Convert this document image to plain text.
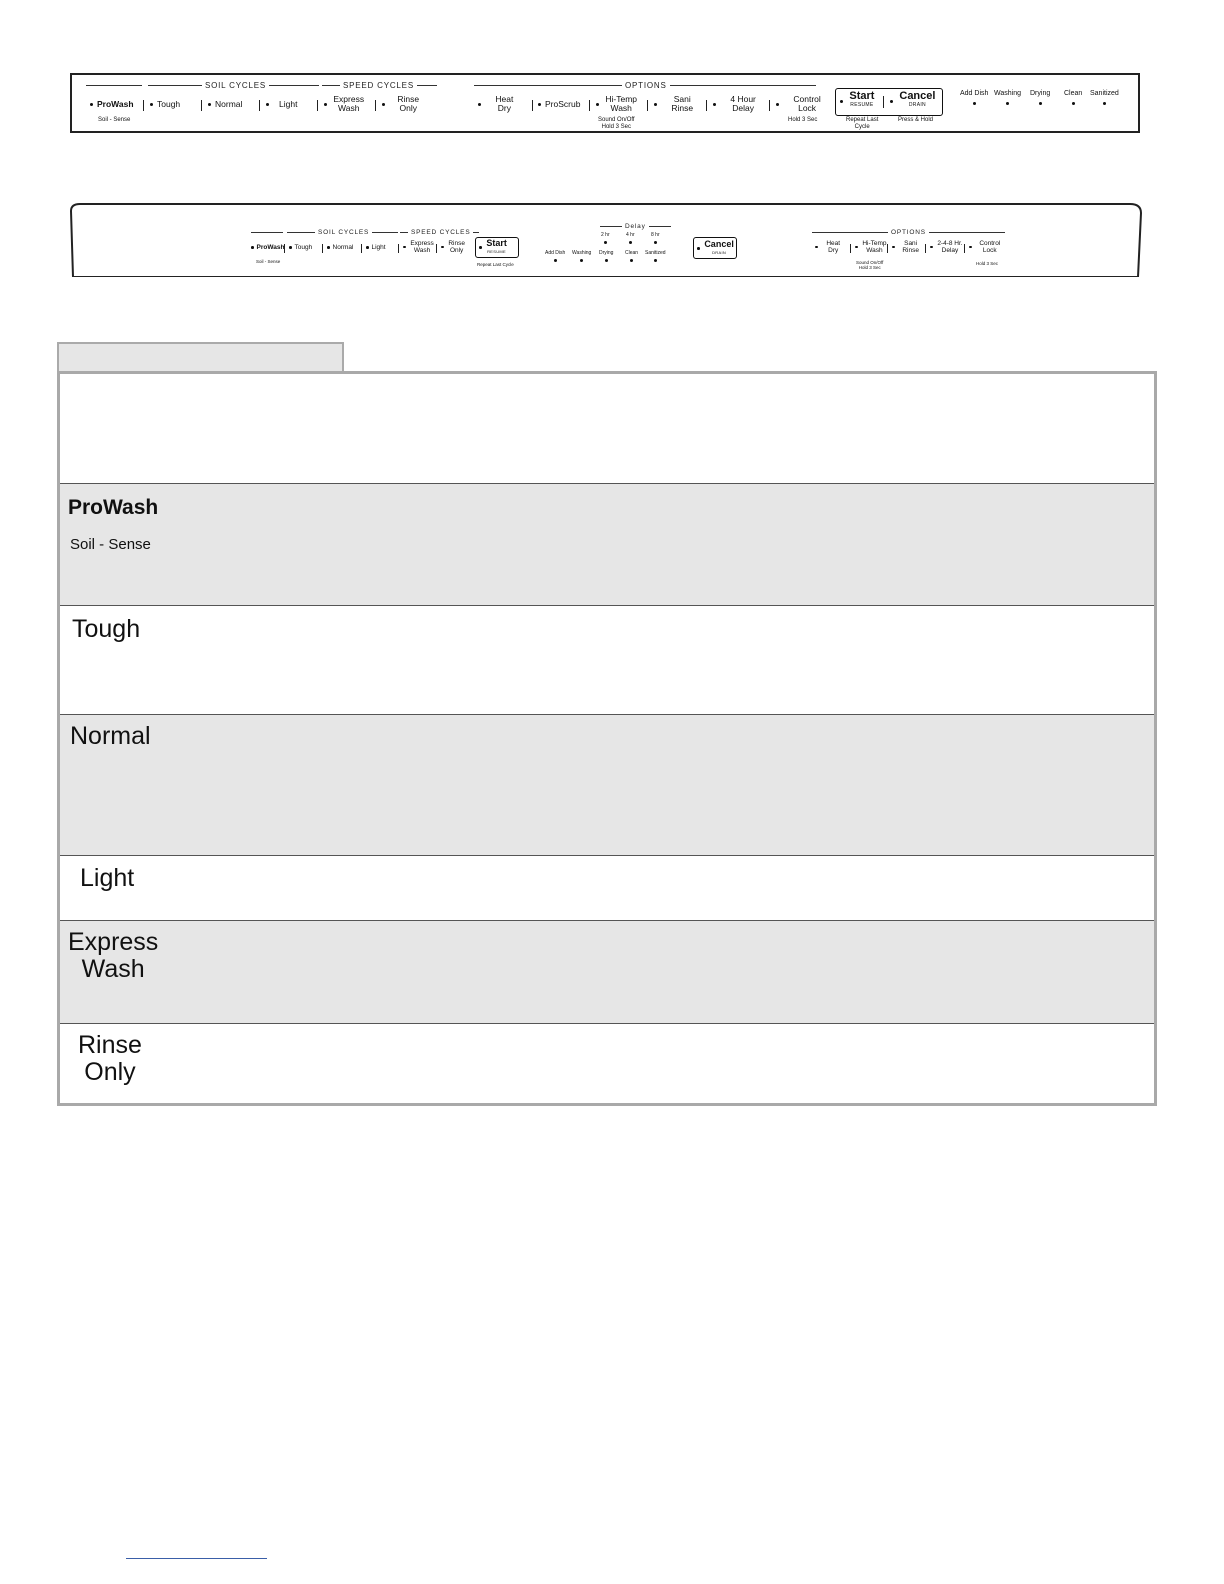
SOIL CYCLES	SPEED CYCLES	OPTIONS
ProWash
Soil - Sense
Tough	Normal	Light	Express
Wash
Rinse
Only
Heat
Dry	ProScrub	Hi-Temp
Wash
Sound On/Off
Hold 3 Sec
Sani
Rinse
4 Hour
Delay
Control
Lock
Hold 3 Sec
Start
RESUME
Cancel
DRAIN
Repeat Last
Cycle
Press & Hold
Add Dish Washing Drying Clean Sanitized
SOIL CYCLES	SPEED CYCLES	OPTIONS
ProWash
Soil - Sense
Tough	Normal	Light
Express
Wash
Rinse
Only
Start
RESUME
Repeat Last Cycle
Delay
2 hr	4 hr	8 hr
Add Dish Washing Drying Clean Sanitized
Cancel
DRAIN
Heat
Dry
Hi-Temp
Wash
Sound On/Off
Hold 3 Sec
Sani
Rinse
2-4-8 Hr.
Delay
Control
Lock
Hold 3 Sec
ProWash
Soil - Sense
Tough
Normal
Light
Express
Wash
Rinse
Only
